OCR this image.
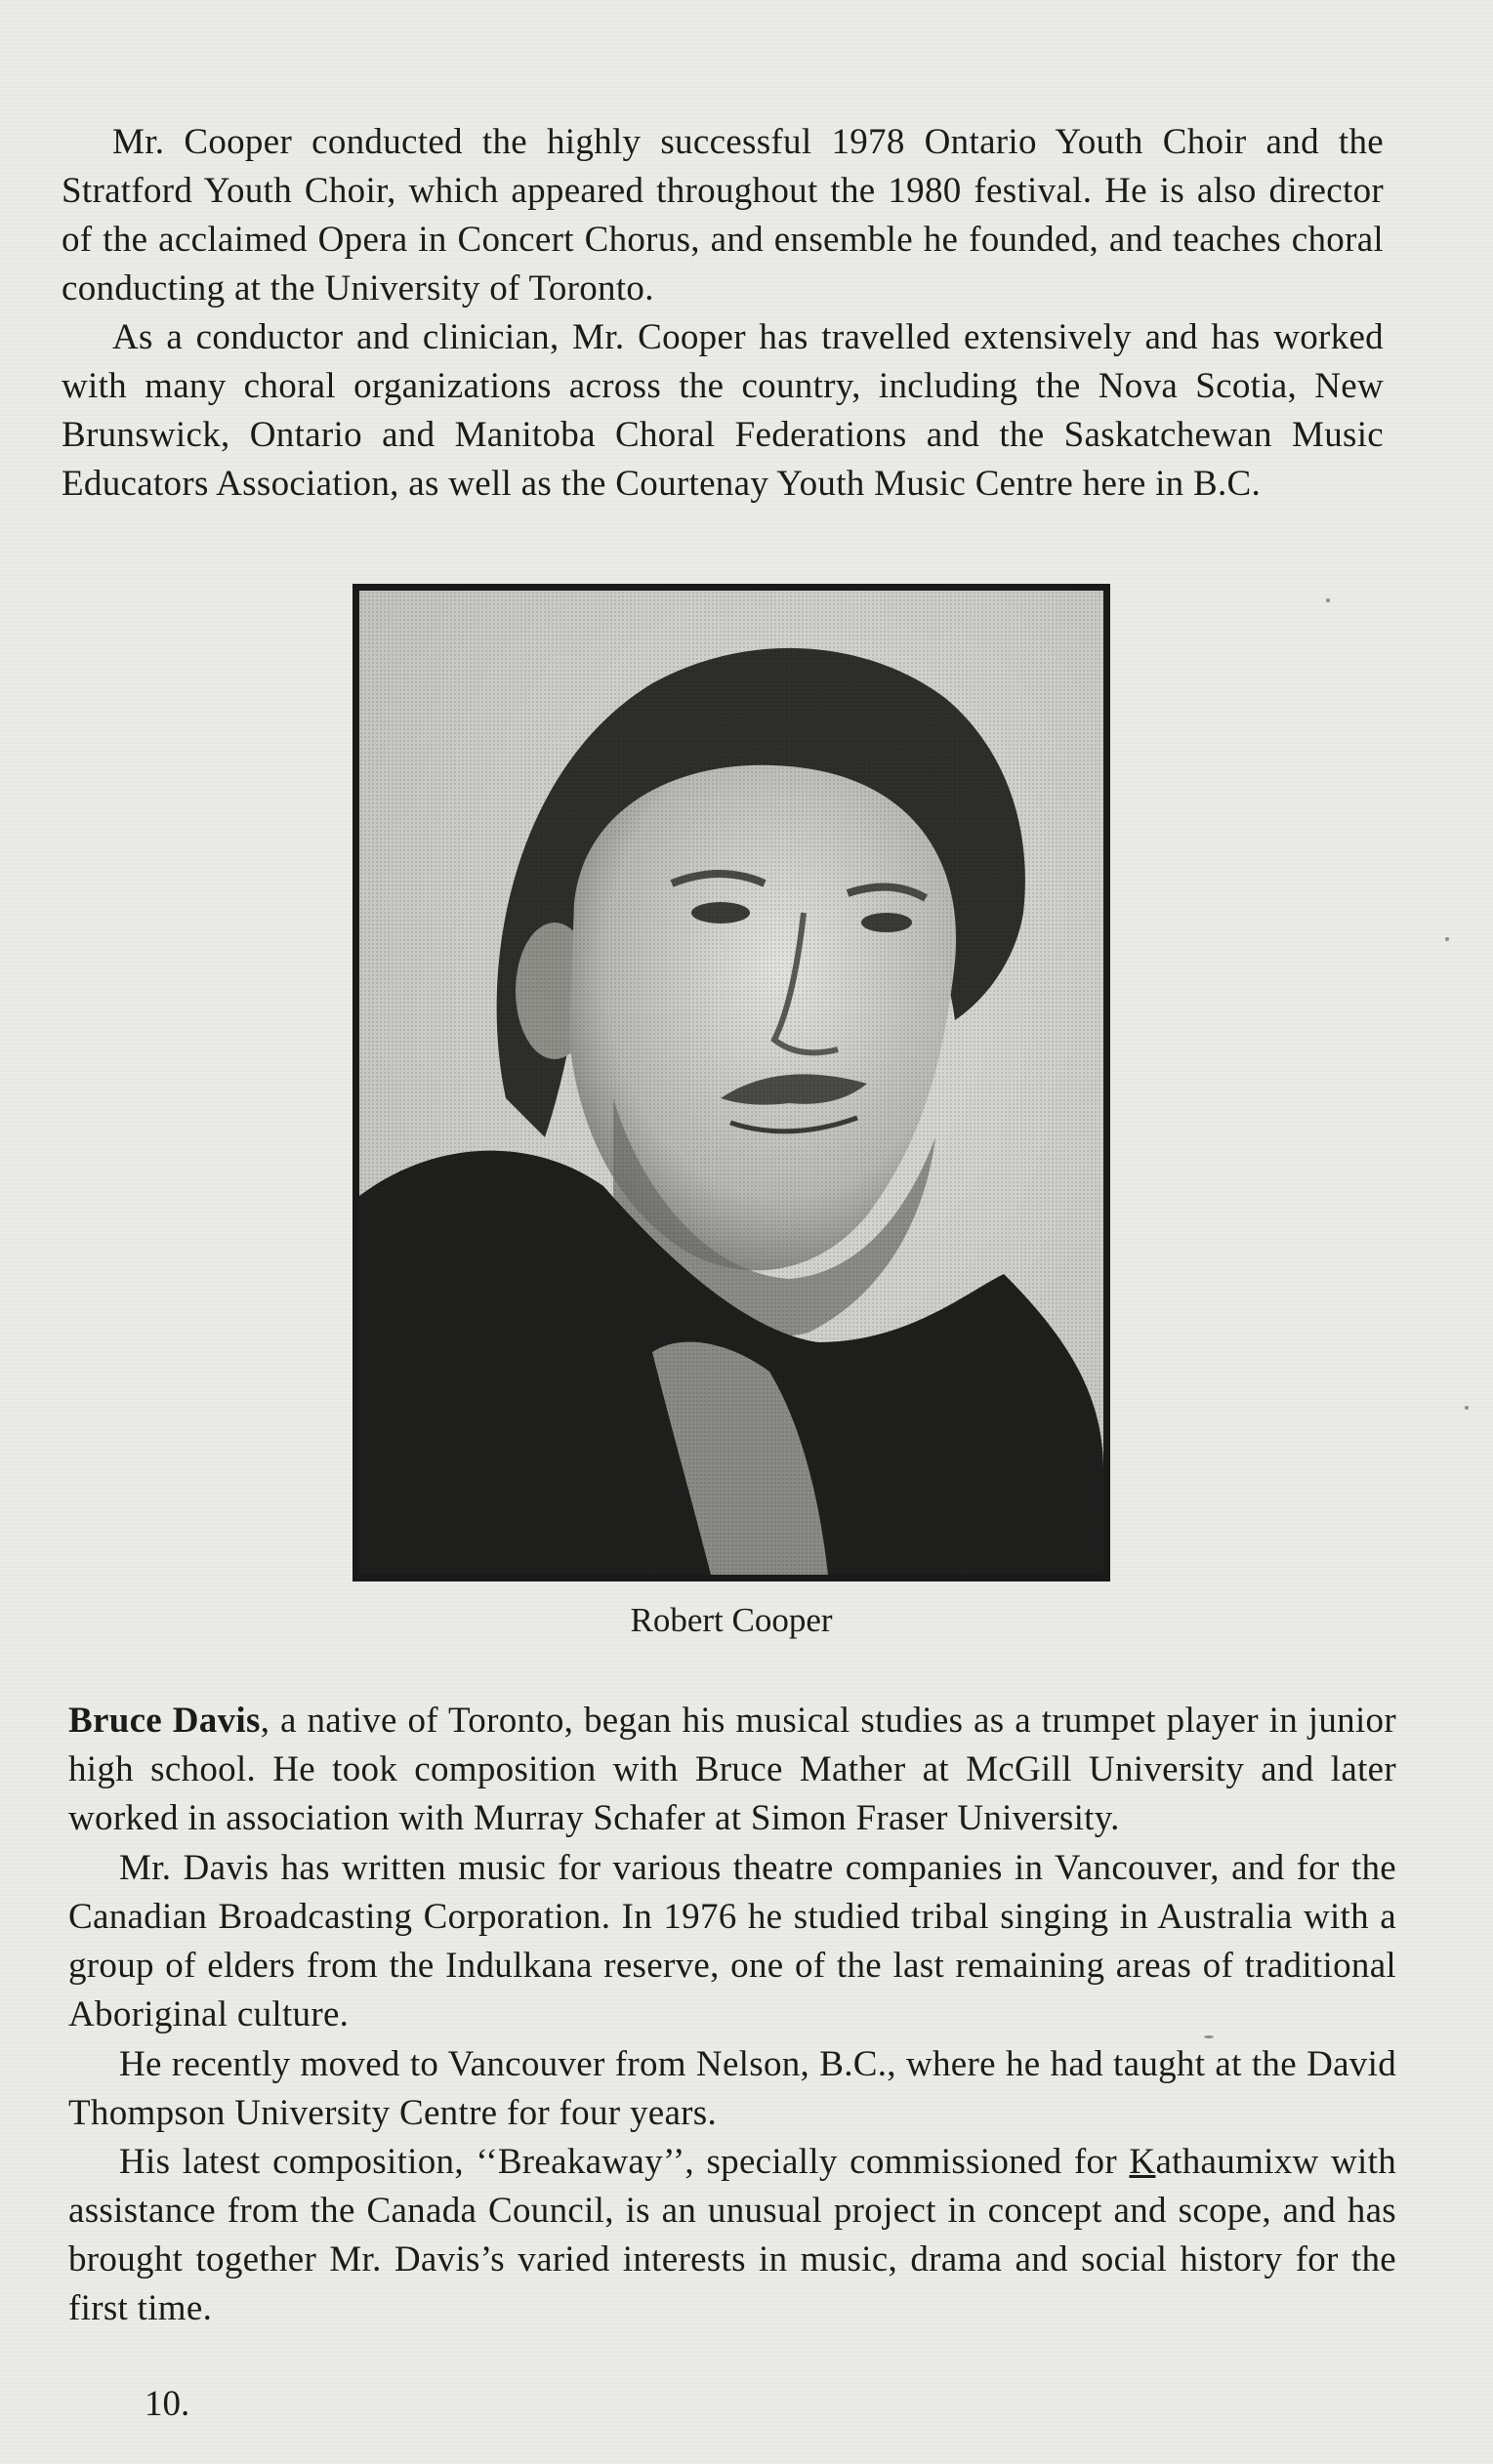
Mr. Cooper conducted the highly successful 1978 Ontario Youth Choir and the Stratford Youth Choir, which appeared throughout the 1980 festival. He is also director of the acclaimed Opera in Concert Chorus, and ensemble he founded, and teaches choral conducting at the University of Toronto.

As a conductor and clinician, Mr. Cooper has travelled extensively and has worked with many choral organizations across the country, including the Nova Scotia, New Brunswick, Ontario and Manitoba Choral Federations and the Saskatchewan Music Educators Association, as well as the Courtenay Youth Music Centre here in B.C.

Robert Cooper

Bruce Davis, a native of Toronto, began his musical studies as a trumpet player in junior high school. He took composition with Bruce Mather at McGill University and later worked in association with Murray Schafer at Simon Fraser University.

Mr. Davis has written music for various theatre companies in Vancouver, and for the Canadian Broadcasting Corporation. In 1976 he studied tribal singing in Australia with a group of elders from the Indulkana reserve, one of the last remaining areas of traditional Aboriginal culture.

He recently moved to Vancouver from Nelson, B.C., where he had taught at the David Thompson University Centre for four years.

His latest composition, ‘‘Breakaway’’, specially commissioned for Kathaumixw with assistance from the Canada Council, is an unusual project in concept and scope, and has brought together Mr. Davis’s varied interests in music, drama and social history for the first time.

10.
